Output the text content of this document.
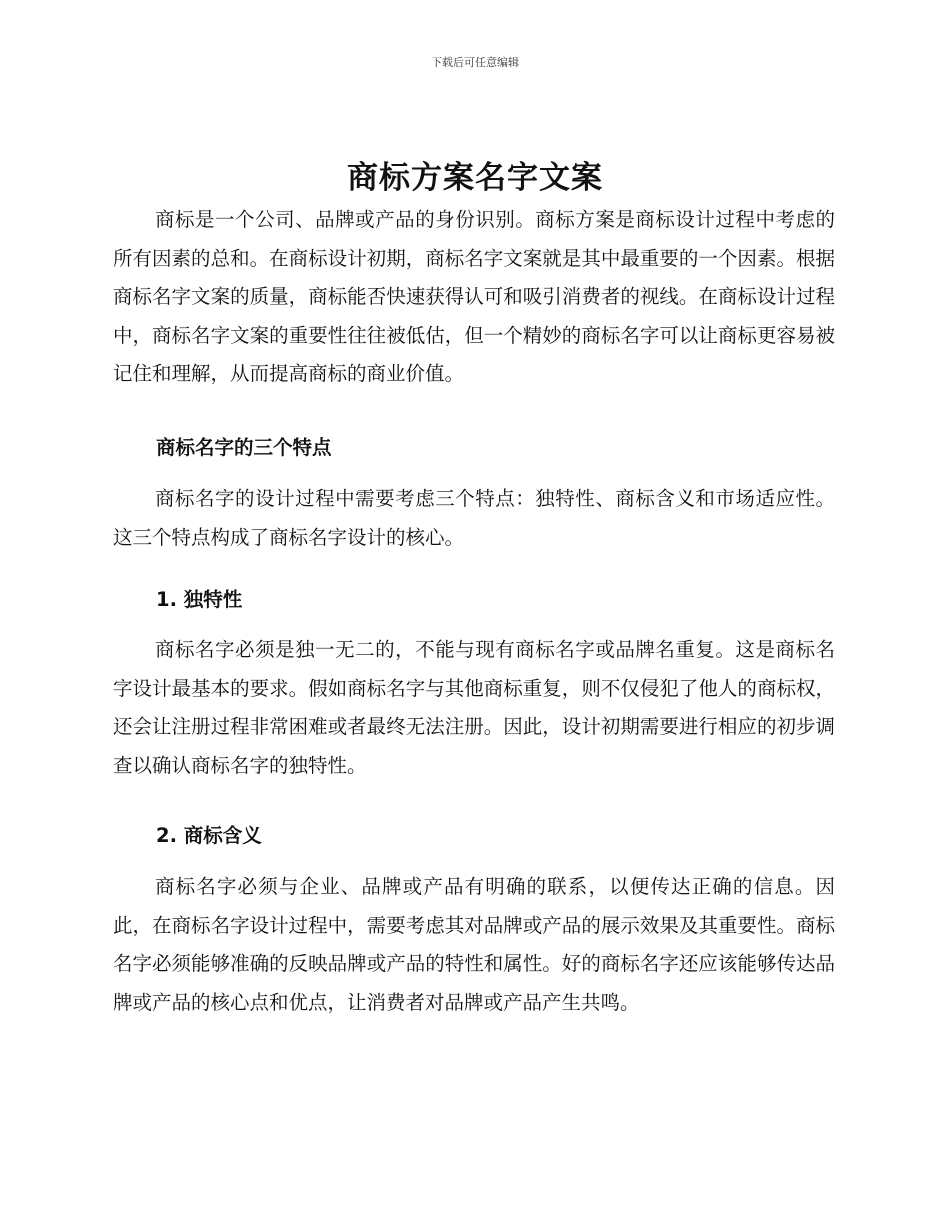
下载后可任意编辑
商标方案名字文案

商标是一个公司、品牌或产品的身份识别。商标方案是商标设计过程中考虑的所有因素的总和。在商标设计初期，商标名字文案就是其中最重要的一个因素。根据商标名字文案的质量，商标能否快速获得认可和吸引消费者的视线。在商标设计过程中，商标名字文案的重要性往往被低估，但一个精妙的商标名字可以让商标更容易被记住和理解，从而提高商标的商业价值。

商标名字的三个特点

商标名字的设计过程中需要考虑三个特点：独特性、商标含义和市场适应性。这三个特点构成了商标名字设计的核心。

1. 独特性

商标名字必须是独一无二的，不能与现有商标名字或品牌名重复。这是商标名字设计最基本的要求。假如商标名字与其他商标重复，则不仅侵犯了他人的商标权，还会让注册过程非常困难或者最终无法注册。因此，设计初期需要进行相应的初步调查以确认商标名字的独特性。

2. 商标含义

商标名字必须与企业、品牌或产品有明确的联系，以便传达正确的信息。因此，在商标名字设计过程中，需要考虑其对品牌或产品的展示效果及其重要性。商标名字必须能够准确的反映品牌或产品的特性和属性。好的商标名字还应该能够传达品牌或产品的核心点和优点，让消费者对品牌或产品产生共鸣。
